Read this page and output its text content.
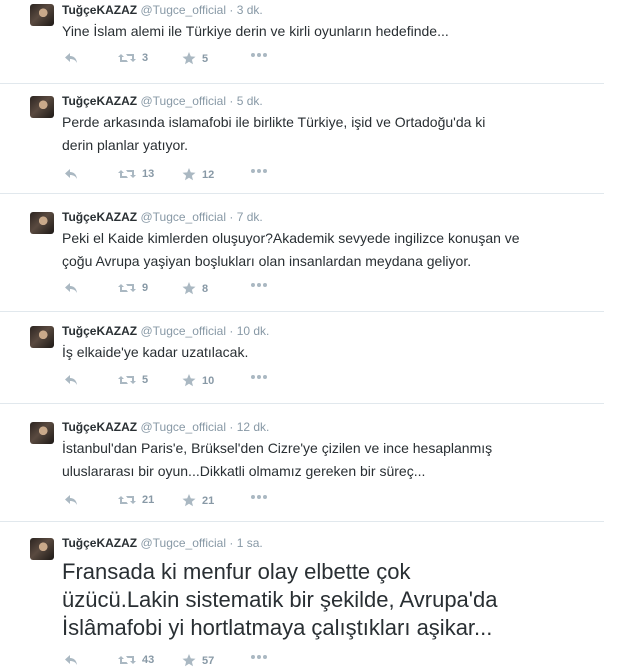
TuğçeKAZAZ @Tugce_official · 3 dk.
Yine İslam alemi ile Türkiye derin ve kirli oyunların hedefinde...
3	5
TuğçeKAZAZ @Tugce_official · 5 dk.
Perde arkasında islamafobi ile birlikte Türkiye, işid ve Ortadoğu'da ki
derin planlar yatıyor.
13	12
TuğçeKAZAZ @Tugce_official · 7 dk.
Peki el Kaide kimlerden oluşuyor?Akademik sevyede ingilizce konuşan ve
çoğu Avrupa yaşiyan boşlukları olan insanlardan meydana geliyor.
9	8
TuğçeKAZAZ @Tugce_official · 10 dk.
İş elkaide'ye kadar uzatılacak.
5	10
TuğçeKAZAZ @Tugce_official · 12 dk.
İstanbul'dan Paris'e, Brüksel'den Cizre'ye çizilen ve ince hesaplanmış
uluslararası bir oyun...Dikkatli olmamız gereken bir süreç...
21	21
TuğçeKAZAZ @Tugce_official · 1 sa.
Fransada ki menfur olay elbette çok
üzücü.Lakin sistematik bir şekilde, Avrupa'da
İslâmafobi yi hortlatmaya çalıştıkları aşikar...
43	57
